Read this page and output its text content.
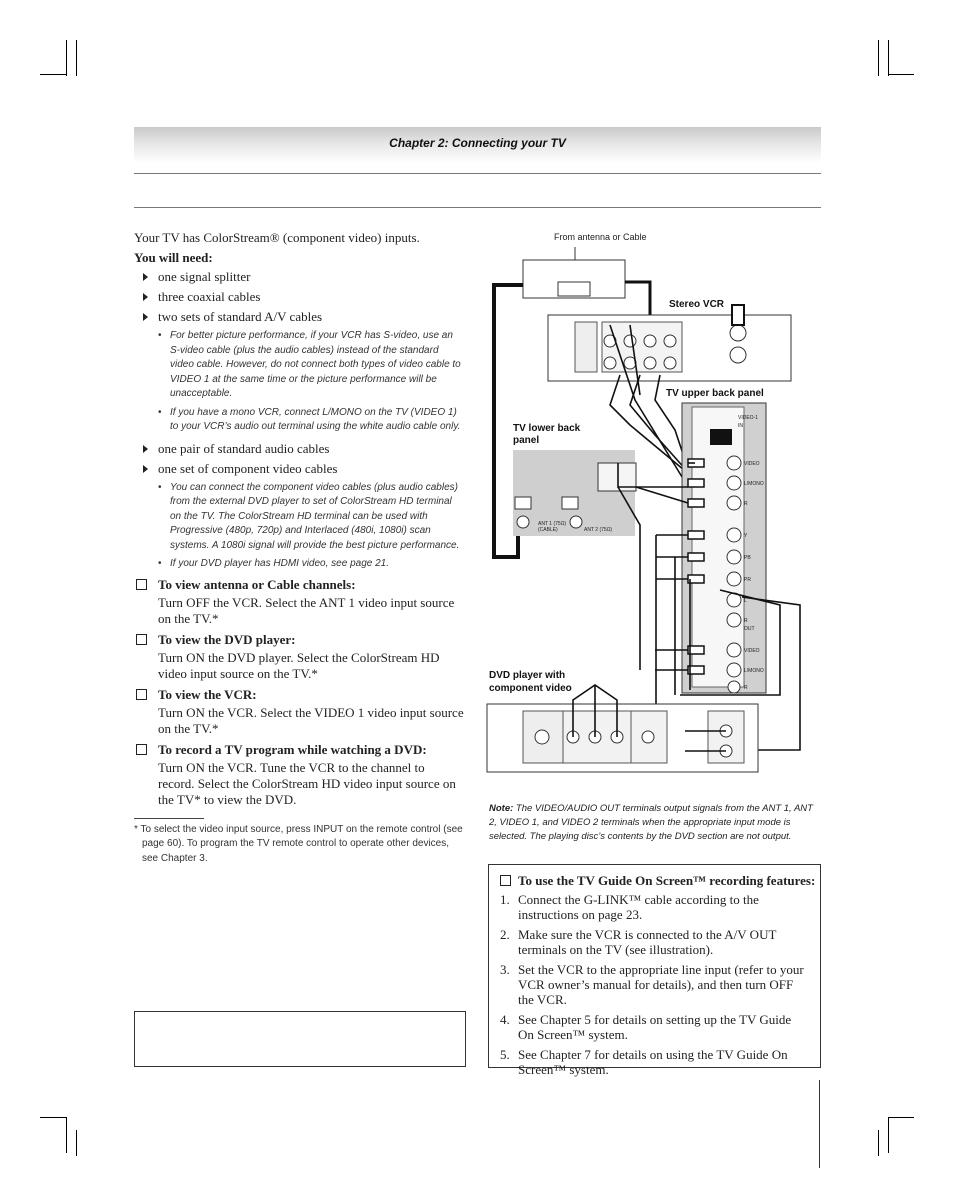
Chapter 2: Connecting your TV

Your TV has ColorStream® (component video) inputs.

You will need:

one signal splitter
three coaxial cables
two sets of standard A/V cables
• For better picture performance, if your VCR has S-video, use an S-video cable (plus the audio cables) instead of the standard video cable. However, do not connect both types of video cable to VIDEO 1 at the same time or the picture performance will be unacceptable.
• If you have a mono VCR, connect L/MONO on the TV (VIDEO 1) to your VCR’s audio out terminal using the white audio cable only.
one pair of standard audio cables
one set of component video cables
• You can connect the component video cables (plus audio cables) from the external DVD player to set of ColorStream HD terminal on the TV. The ColorStream HD terminal can be used with Progressive (480p, 720p) and Interlaced (480i, 1080i) scan systems. A 1080i signal will provide the best picture performance.
• If your DVD player has HDMI video, see page 21.
To view antenna or Cable channels:
Turn OFF the VCR. Select the ANT 1 video input source on the TV.*
To view the DVD player:
Turn ON the DVD player. Select the ColorStream HD video input source on the TV.*
To view the VCR:
Turn ON the VCR. Select the VIDEO 1 video input source on the TV.*
To record a TV program while watching a DVD:
Turn ON the VCR. Tune the VCR to the channel to record. Select the ColorStream HD video input source on the TV* to view the DVD.
* To select the video input source, press INPUT on the remote control (see page 60). To program the TV remote control to operate other devices, see Chapter 3.
From antenna or Cable
Stereo VCR
TV upper back panel
TV lower back
panel
ANT 1 (75Ω)
(CABLE)	ANT 2 (75Ω)
VIDEO-1
IN
VIDEO
L/MONO
R
Y
PB
PR
L
R
OUT
VIDEO
L/MONO
R
DVD player with
component video
Note: The VIDEO/AUDIO OUT terminals output signals from the ANT 1, ANT 2, VIDEO 1, and VIDEO 2 terminals when the appropriate input mode is selected. The playing disc’s contents by the DVD section are not output.
To use the TV Guide On Screen™ recording features:
1. Connect the G-LINK™ cable according to the instructions on page 23.
2. Make sure the VCR is connected to the A/V OUT terminals on the TV (see illustration).
3. Set the VCR to the appropriate line input (refer to your VCR owner’s manual for details), and then turn OFF the VCR.
4. See Chapter 5 for details on setting up the TV Guide On Screen™ system.
5. See Chapter 7 for details on using the TV Guide On Screen™ system.
